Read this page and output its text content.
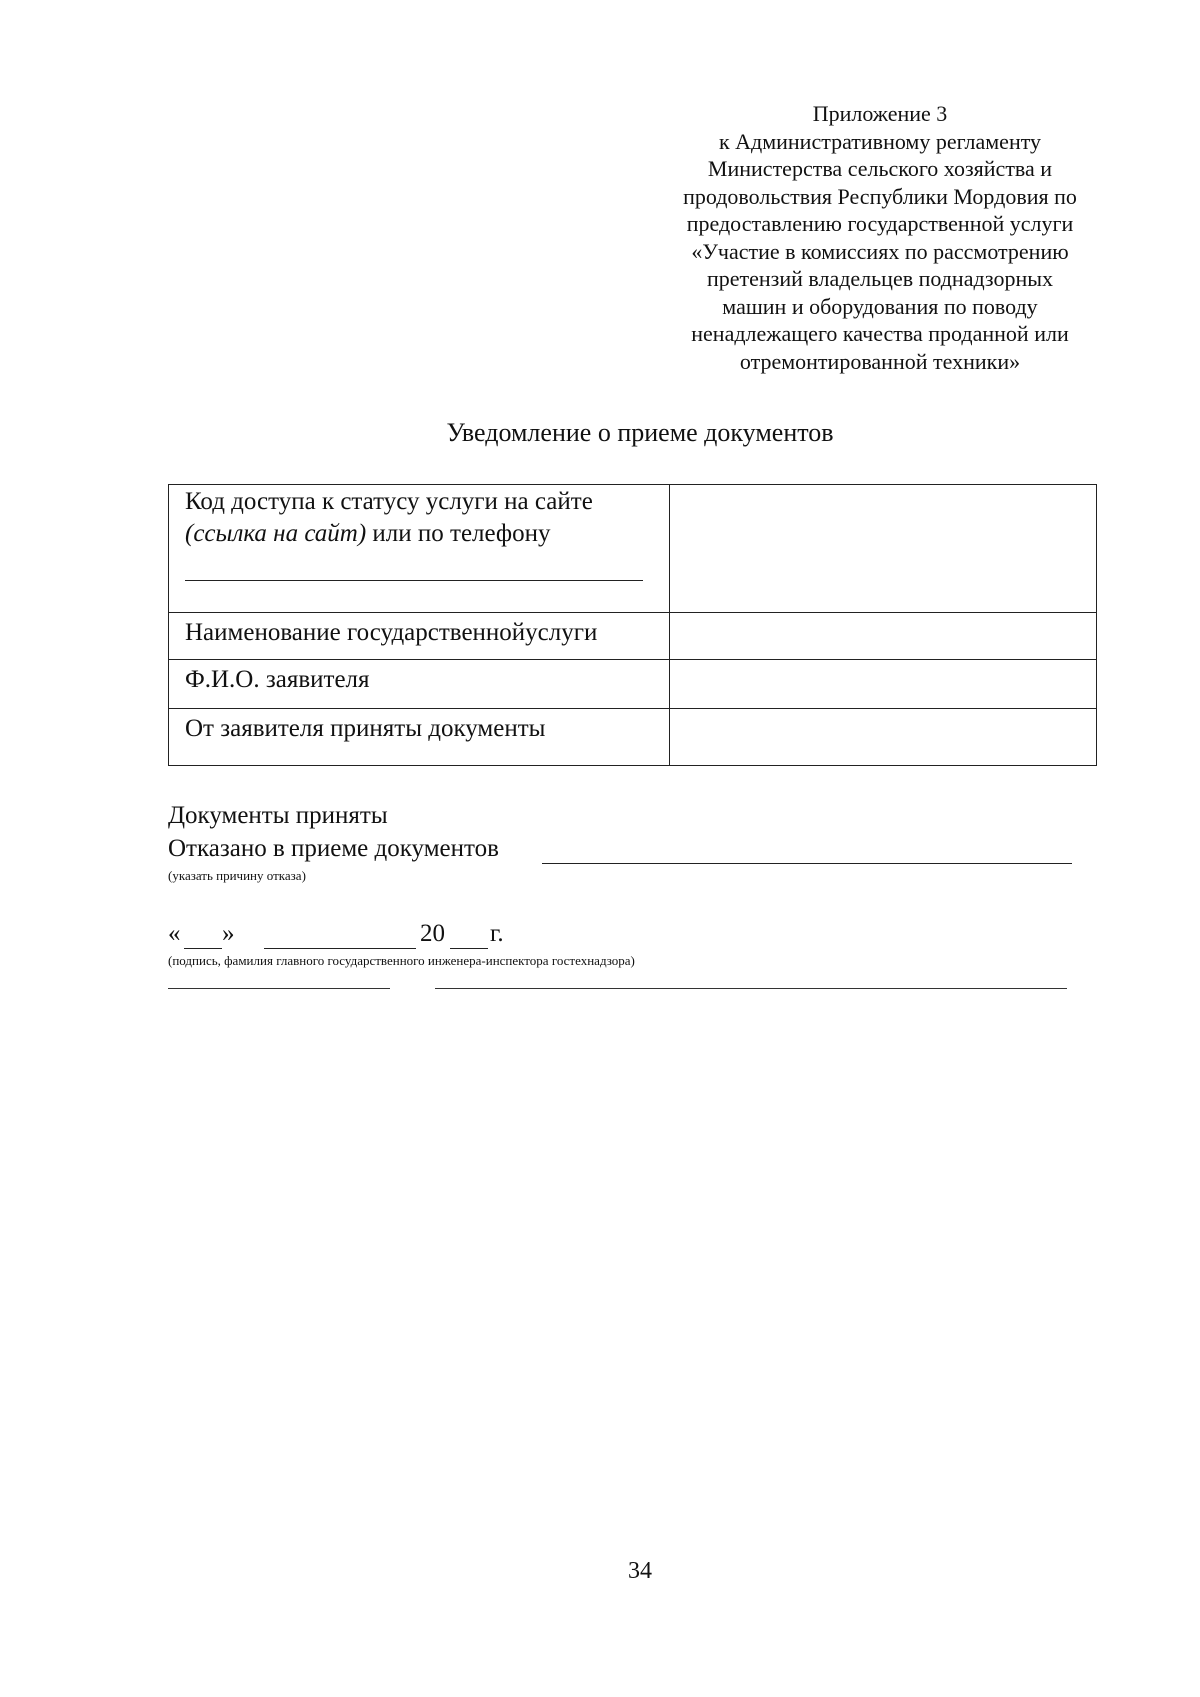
Приложение 3
к Административному регламенту
Министерства сельского хозяйства и
продовольствия Республики Мордовия по
предоставлению государственной услуги
«Участие в комиссиях по рассмотрению
претензий владельцев поднадзорных
машин и оборудования по поводу
ненадлежащего качества проданной или
отремонтированной техники»
Уведомление о приеме документов
Код доступа к статусу услуги на сайте
(ссылка на сайт) или по телефону	

Наименование государственнойуслуги	

Ф.И.О. заявителя	

От заявителя приняты документы	

Документы приняты
Отказано в приеме документов
(указать причину отказа)
« »	20 г.
(подпись, фамилия главного государственного инженера-инспектора гостехнадзора)
34
